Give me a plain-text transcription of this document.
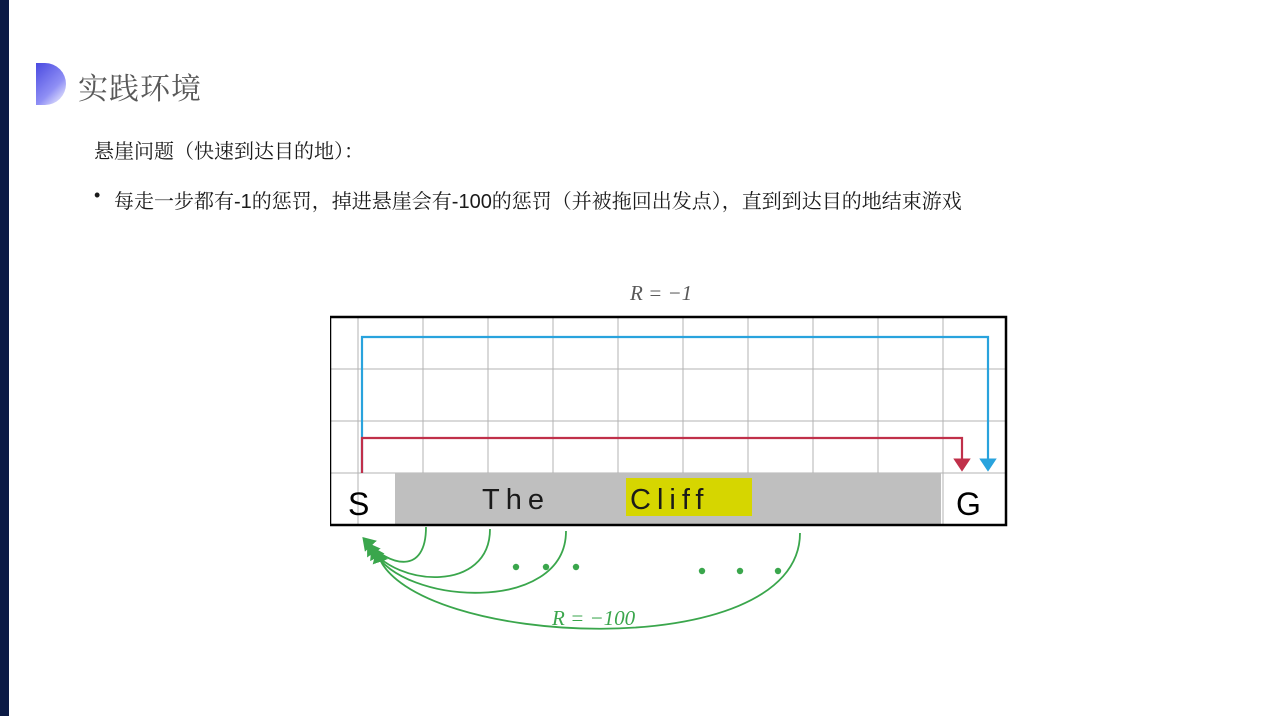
实践环境
悬崖问题（快速到达目的地）：
• 每走一步都有-1的惩罚，掉进悬崖会有-100的惩罚（并被拖回出发点），直到到达目的地结束游戏
R = −1
The	Cliff
S	G
R = −100
